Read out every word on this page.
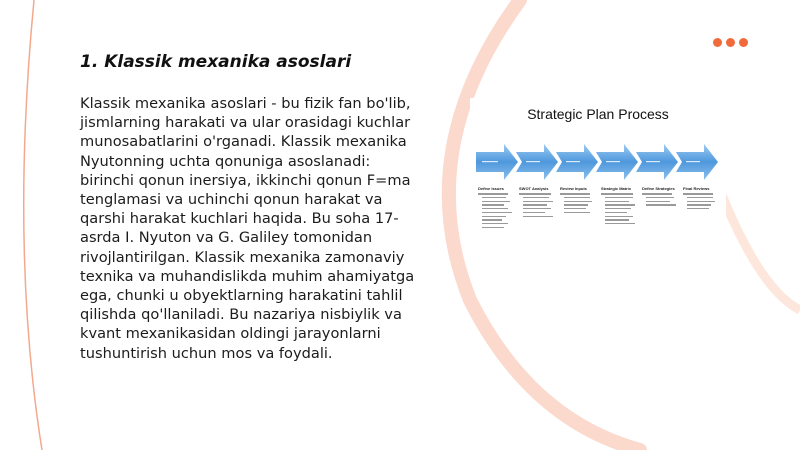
1. Klassik mexanika asoslari

Klassik mexanika asoslari - bu fizik fan bo'lib, jismlarning harakati va ular orasidagi kuchlar munosabatlarini o'rganadi. Klassik mexanika Nyutonning uchta qonuniga asoslanadi: birinchi qonun inersiya, ikkinchi qonun F=ma tenglamasi va uchinchi qonun harakat va qarshi harakat kuchlari haqida. Bu soha 17-asrda I. Nyuton va G. Galiley tomonidan rivojlantirilgan. Klassik mexanika zamonaviy texnika va muhandislikda muhim ahamiyatga ega, chunki u obyektlarning harakatini tahlil qilishda qo'llaniladi. Bu nazariya nisbiylik va kvant mexanikasidan oldingi jarayonlarni tushuntirish uchun mos va foydali.

Strategic Plan Process
Define Issues	SWOT Analysis	Review Inputs	Strategic Matrix	Define Strategies	Final Reviews
